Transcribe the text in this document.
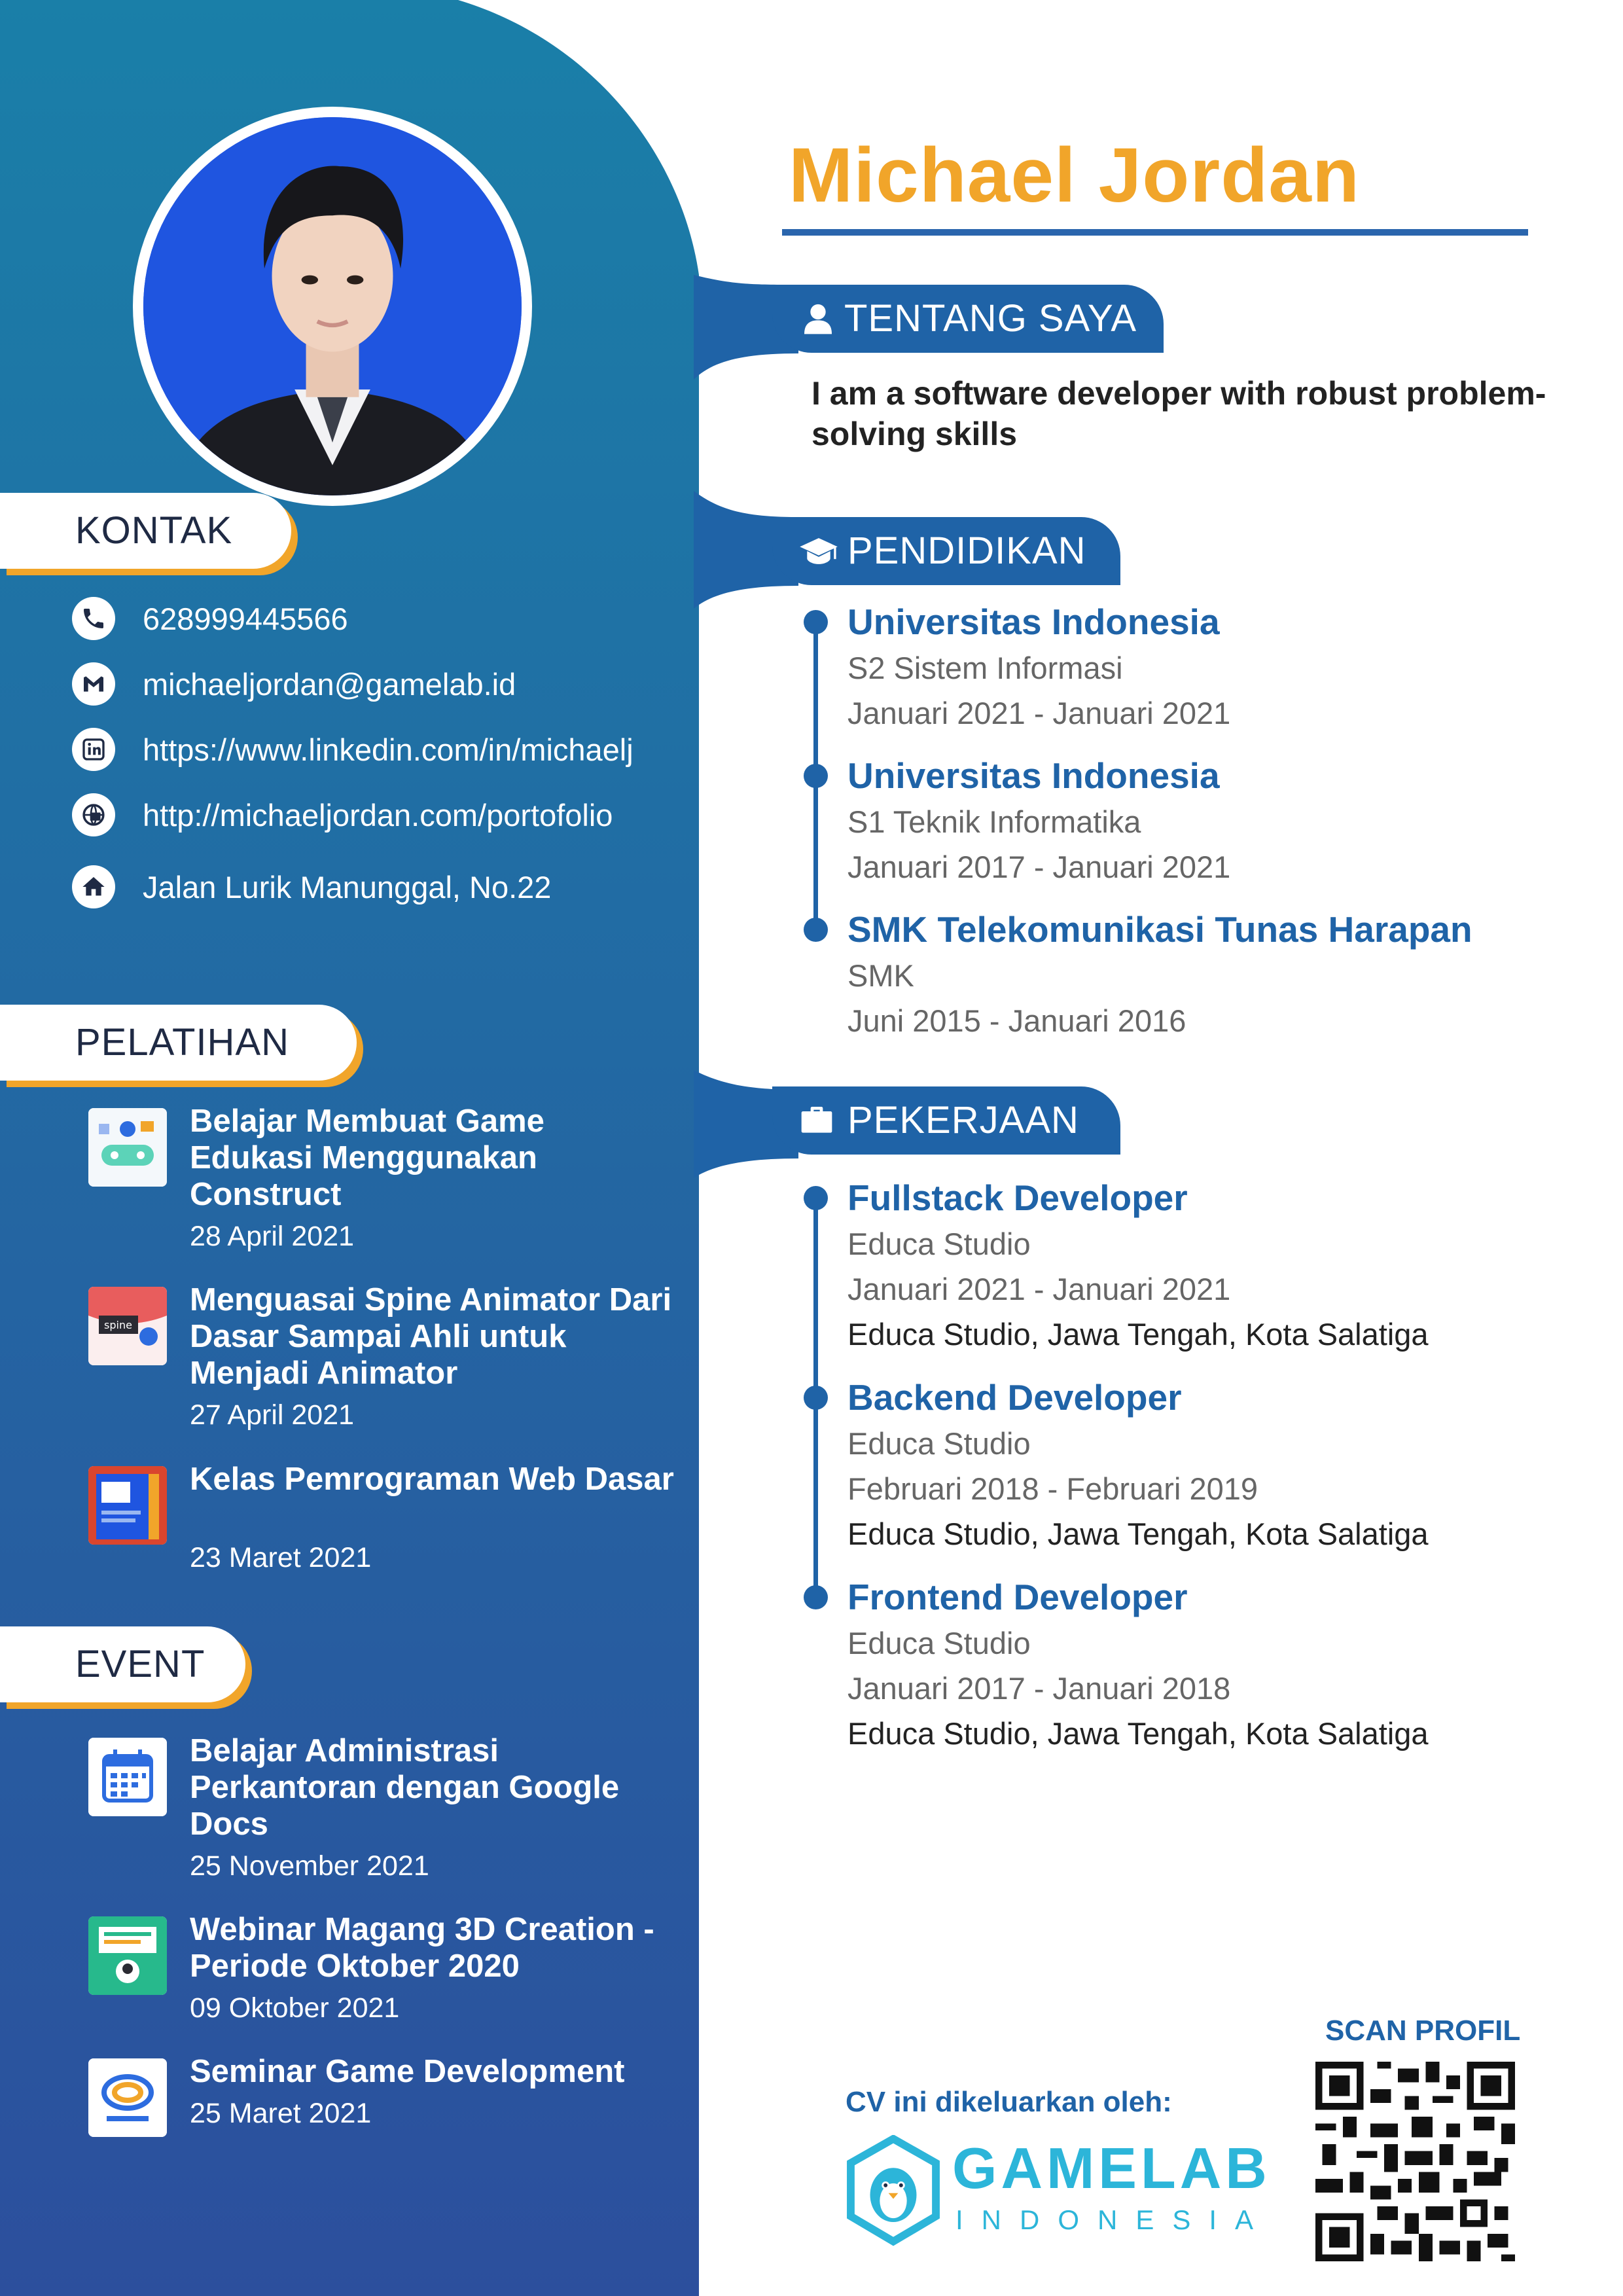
KONTAK
628999445566
michaeljordan@gamelab.id
https://www.linkedin.com/in/michaelj
http://michaeljordan.com/portofolio
Jalan Lurik Manunggal, No.22
PELATIHAN
Belajar Membuat Game Edukasi Menggunakan Construct
28 April 2021
spine
Menguasai Spine Animator Dari Dasar Sampai Ahli untuk Menjadi Animator
27 April 2021
Kelas Pemrograman Web Dasar
23 Maret 2021
EVENT
Belajar Administrasi Perkantoran dengan Google Docs
25 November 2021
Webinar Magang 3D Creation - Periode Oktober 2020
09 Oktober 2021
Seminar Game Development
25 Maret 2021
Michael Jordan
TENTANG SAYA
I am a software developer with robust problem-solving skills
PENDIDIKAN
Universitas Indonesia
S2 Sistem Informasi
Januari 2021 - Januari 2021
Universitas Indonesia
S1 Teknik Informatika
Januari 2017 - Januari 2021
SMK Telekomunikasi Tunas Harapan
SMK
Juni 2015 - Januari 2016
PEKERJAAN
Fullstack Developer
Educa Studio
Januari 2021 - Januari 2021
Educa Studio, Jawa Tengah, Kota Salatiga
Backend Developer
Educa Studio
Februari 2018 - Februari 2019
Educa Studio, Jawa Tengah, Kota Salatiga
Frontend Developer
Educa Studio
Januari 2017 - Januari 2018
Educa Studio, Jawa Tengah, Kota Salatiga
CV ini dikeluarkan oleh:
GAMELAB
INDONESIA
SCAN PROFIL
